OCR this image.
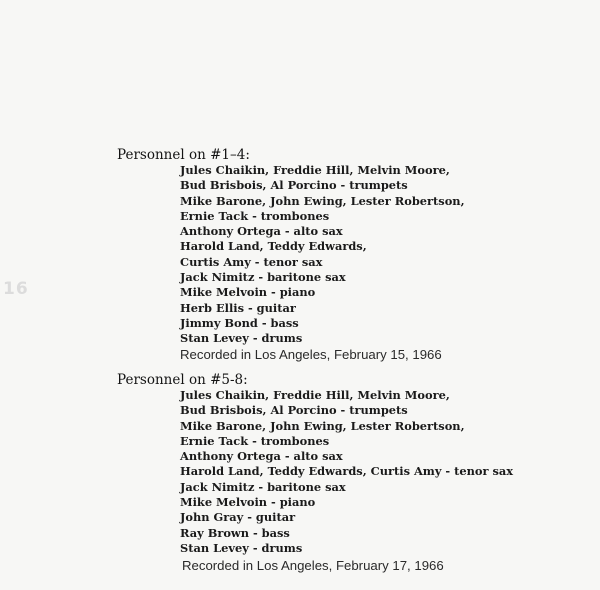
16
Personnel on #1–4:
Jules Chaikin, Freddie Hill, Melvin Moore,
Bud Brisbois, Al Porcino - trumpets
Mike Barone, John Ewing, Lester Robertson,
Ernie Tack - trombones
Anthony Ortega - alto sax
Harold Land, Teddy Edwards,
Curtis Amy - tenor sax
Jack Nimitz - baritone sax
Mike Melvoin - piano
Herb Ellis - guitar
Jimmy Bond - bass
Stan Levey - drums
Recorded in Los Angeles, February 15, 1966
Personnel on #5-8:
Jules Chaikin, Freddie Hill, Melvin Moore,
Bud Brisbois, Al Porcino - trumpets
Mike Barone, John Ewing, Lester Robertson,
Ernie Tack - trombones
Anthony Ortega - alto sax
Harold Land, Teddy Edwards, Curtis Amy - tenor sax
Jack Nimitz - baritone sax
Mike Melvoin - piano
John Gray - guitar
Ray Brown - bass
Stan Levey - drums
Recorded in Los Angeles, February 17, 1966
